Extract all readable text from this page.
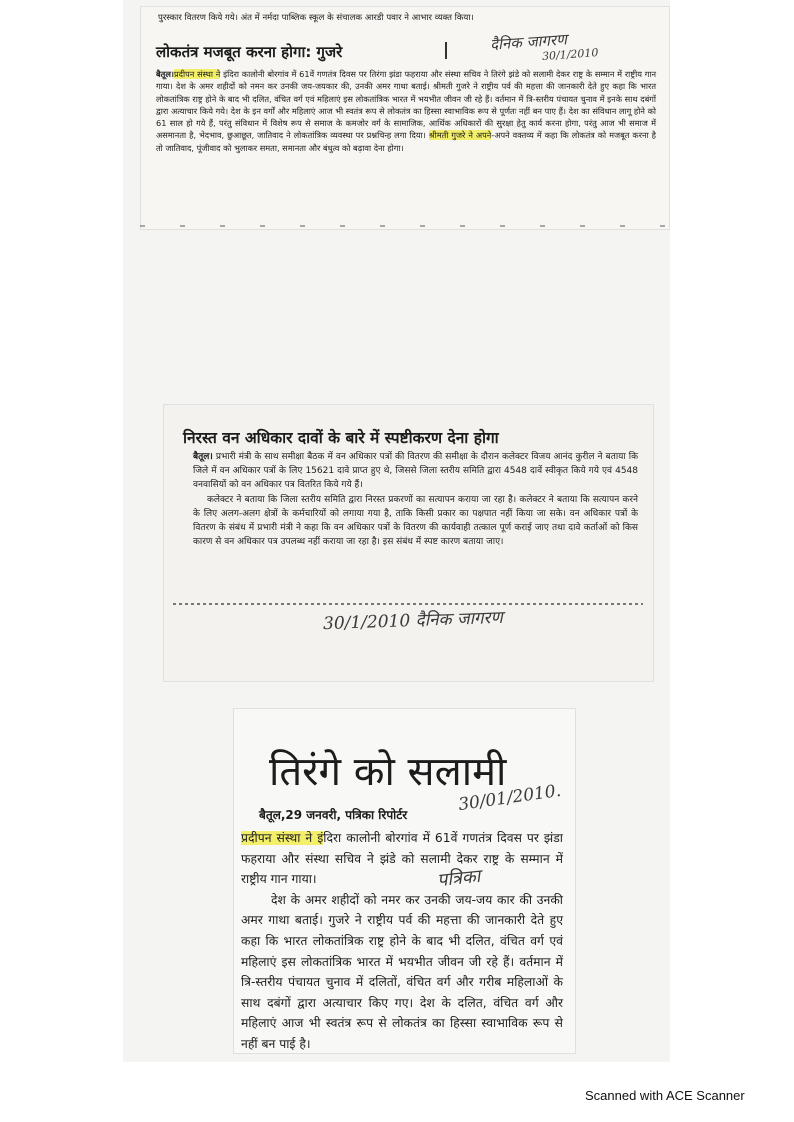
पुरस्कार वितरण किये गये। अंत में नर्मदा पाब्लिक स्कूल के संचालक आरडी पवार ने आभार व्यक्त किया।

लोकतंत्र मजबूत करना होगा: गुजरे	दैनिक जागरण
30/1/2010

बैतूल।प्रदीपन संस्था ने इंदिरा कालोनी बोरगांव में 61वें गणतंत्र दिवस पर तिरंगा झंडा फहराया और संस्था सचिव ने तिरंगे झंडे को सलामी देकर राष्ट्र के सम्मान में राष्ट्रीय गान गाया। देश के अमर शहीदों को नमन कर उनकी जय-जयकार की, उनकी अमर गाथा बताई। श्रीमती गुजरे ने राष्ट्रीय पर्व की महत्ता की जानकारी देते हुए कहा कि भारत लोकतांत्रिक राष्ट्र होने के बाद भी दलित, वंचित वर्ग एवं महिलाएं इस लोकतांत्रिक भारत में भयभीत जीवन जी रहे हैं। वर्तमान में त्रि-स्तरीय पंचायत चुनाव में इनके साथ दबंगों द्वारा अत्याचार किये गये। देश के इन वर्गों और महिलाएं आज भी स्वतंत्र रूप से लोकतंत्र का हिस्सा स्वाभाविक रूप से पूर्णतः नहीं बन पाए हैं। देश का संविधान लागू होने को 61 साल हो गये हैं, परंतु संविधान में विशेष रूप से समाज के कमजोर वर्ग के सामाजिक, आर्थिक अधिकारों की सुरक्षा हेतु कार्य करना होगा, परंतु आज भी समाज में असमानता है, भेदभाव, छुआछूत, जातिवाद ने लोकतांत्रिक व्यवस्था पर प्रश्नचिन्ह लगा दिया। श्रीमती गुजरे ने अपने-अपने वक्तव्य में कहा कि लोकतंत्र को मजबूत करना है तो जातिवाद, पूंजीवाद को भुलाकर समता, समानता और बंधुत्व को बढ़ावा देना होगा।

निरस्त वन अधिकार दावों के बारे में स्पष्टीकरण देना होगा

बैतूल। प्रभारी मंत्री के साथ समीक्षा बैठक में वन अधिकार पत्रों की वितरण की समीक्षा के दौरान कलेक्टर विजय आनंद कुरील ने बताया कि जिले में वन अधिकार पत्रों के लिए 15621 दावे प्राप्त हुए थे, जिससे जिला स्तरीय समिति द्वारा 4548 दावें स्वीकृत किये गये एवं 4548 वनवासियों को वन अधिकार पत्र वितरित किये गये हैं।

कलेक्टर ने बताया कि जिला स्तरीय समिति द्वारा निरस्त प्रकरणों का सत्यापन कराया जा रहा है। कलेक्टर ने बताया कि सत्यापन करने के लिए अलग-अलग क्षेत्रों के कर्मचारियों को लगाया गया है, ताकि किसी प्रकार का पक्षपात नहीं किया जा सके। वन अधिकार पत्रों के वितरण के संबंध में प्रभारी मंत्री ने कहा कि वन अधिकार पत्रों के वितरण की कार्यवाही तत्काल पूर्ण कराई जाए तथा दावे कर्ताओं को किस कारण से वन अधिकार पत्र उपलब्ध नहीं कराया जा रहा है। इस संबंध में स्पष्ट कारण बताया जाए।

30/1/2010 दैनिक जागरण

तिरंगे को सलामी

30/01/2010.

बैतूल,29 जनवरी, पत्रिका रिपोर्टर

पत्रिका

प्रदीपन संस्था ने इंदिरा कालोनी बोरगांव में 61वें गणतंत्र दिवस पर झंडा फहराया और संस्था सचिव ने झंडे को सलामी देकर राष्ट्र के सम्मान में राष्ट्रीय गान गाया।

देश के अमर शहीदों को नमर कर उनकी जय-जय कार की उनकी अमर गाथा बताई। गुजरे ने राष्ट्रीय पर्व की महत्ता की जानकारी देते हुए कहा कि भारत लोकतांत्रिक राष्ट्र होने के बाद भी दलित, वंचित वर्ग एवं महिलाएं इस लोकतांत्रिक भारत में भयभीत जीवन जी रहे हैं। वर्तमान में त्रि-स्तरीय पंचायत चुनाव में दलितों, वंचित वर्ग और गरीब महिलाओं के साथ दबंगों द्वारा अत्याचार किए गए। देश के दलित, वंचित वर्ग और महिलाएं आज भी स्वतंत्र रूप से लोकतंत्र का हिस्सा स्वाभाविक रूप से नहीं बन पाई है।

Scanned with ACE Scanner
